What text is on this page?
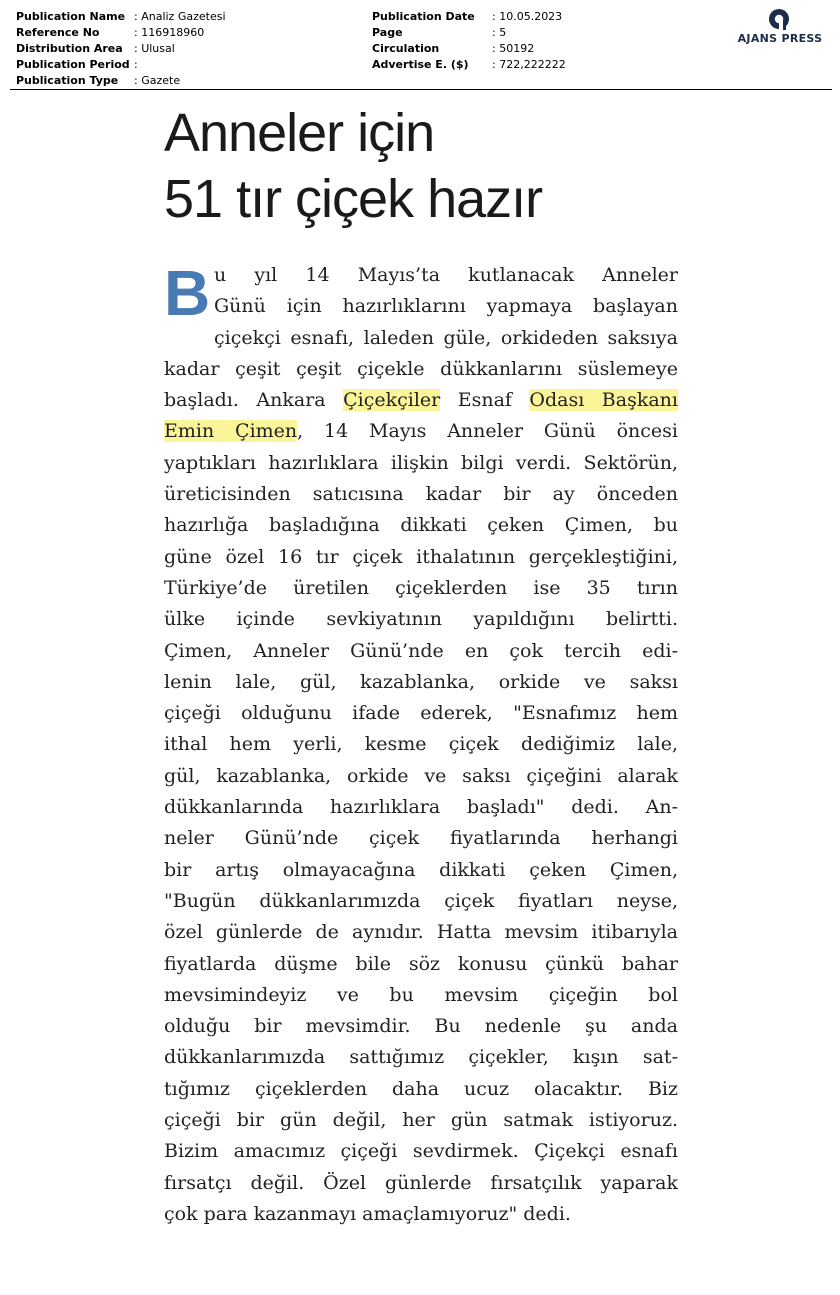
Publication Name : Analiz Gazetesi
Reference No	: 116918960
Distribution Area	: Ulusal
Publication Period :
Publication Type	: Gazete
Publication Date	: 10.05.2023
Page	: 5
Circulation	: 50192
Advertise E. ($)	: 722,222222
AJANS PRESS
Anneler için
51 tır çiçek hazır
B u yıl 14 Mayıs’ta kutlanacak Anneler
Günü için hazırlıklarını yapmaya başlayan
çiçekçi esnafı, laleden güle, orkideden saksıya
kadar çeşit çeşit çiçekle dükkanlarını süslemeye
başladı. Ankara Çiçekçiler Esnaf Odası Başkanı
Emin Çimen, 14 Mayıs Anneler Günü öncesi
yaptıkları hazırlıklara ilişkin bilgi verdi. Sektörün,
üreticisinden satıcısına kadar bir ay önceden
hazırlığa başladığına dikkati çeken Çimen, bu
güne özel 16 tır çiçek ithalatının gerçekleştiğini,
Türkiye’de üretilen çiçeklerden ise 35 tırın
ülke içinde sevkiyatının yapıldığını belirtti.
Çimen, Anneler Günü’nde en çok tercih edi-
lenin lale, gül, kazablanka, orkide ve saksı
çiçeği olduğunu ifade ederek, "Esnafımız hem
ithal hem yerli, kesme çiçek dediğimiz lale,
gül, kazablanka, orkide ve saksı çiçeğini alarak
dükkanlarında hazırlıklara başladı" dedi. An-
neler Günü’nde çiçek fiyatlarında herhangi
bir artış olmayacağına dikkati çeken Çimen,
"Bugün dükkanlarımızda çiçek fiyatları neyse,
özel günlerde de aynıdır. Hatta mevsim itibarıyla
fiyatlarda düşme bile söz konusu çünkü bahar
mevsimindeyiz ve bu mevsim çiçeğin bol
olduğu bir mevsimdir. Bu nedenle şu anda
dükkanlarımızda sattığımız çiçekler, kışın sat-
tığımız çiçeklerden daha ucuz olacaktır. Biz
çiçeği bir gün değil, her gün satmak istiyoruz.
Bizim amacımız çiçeği sevdirmek. Çiçekçi esnafı
fırsatçı değil. Özel günlerde fırsatçılık yaparak
çok para kazanmayı amaçlamıyoruz" dedi.
